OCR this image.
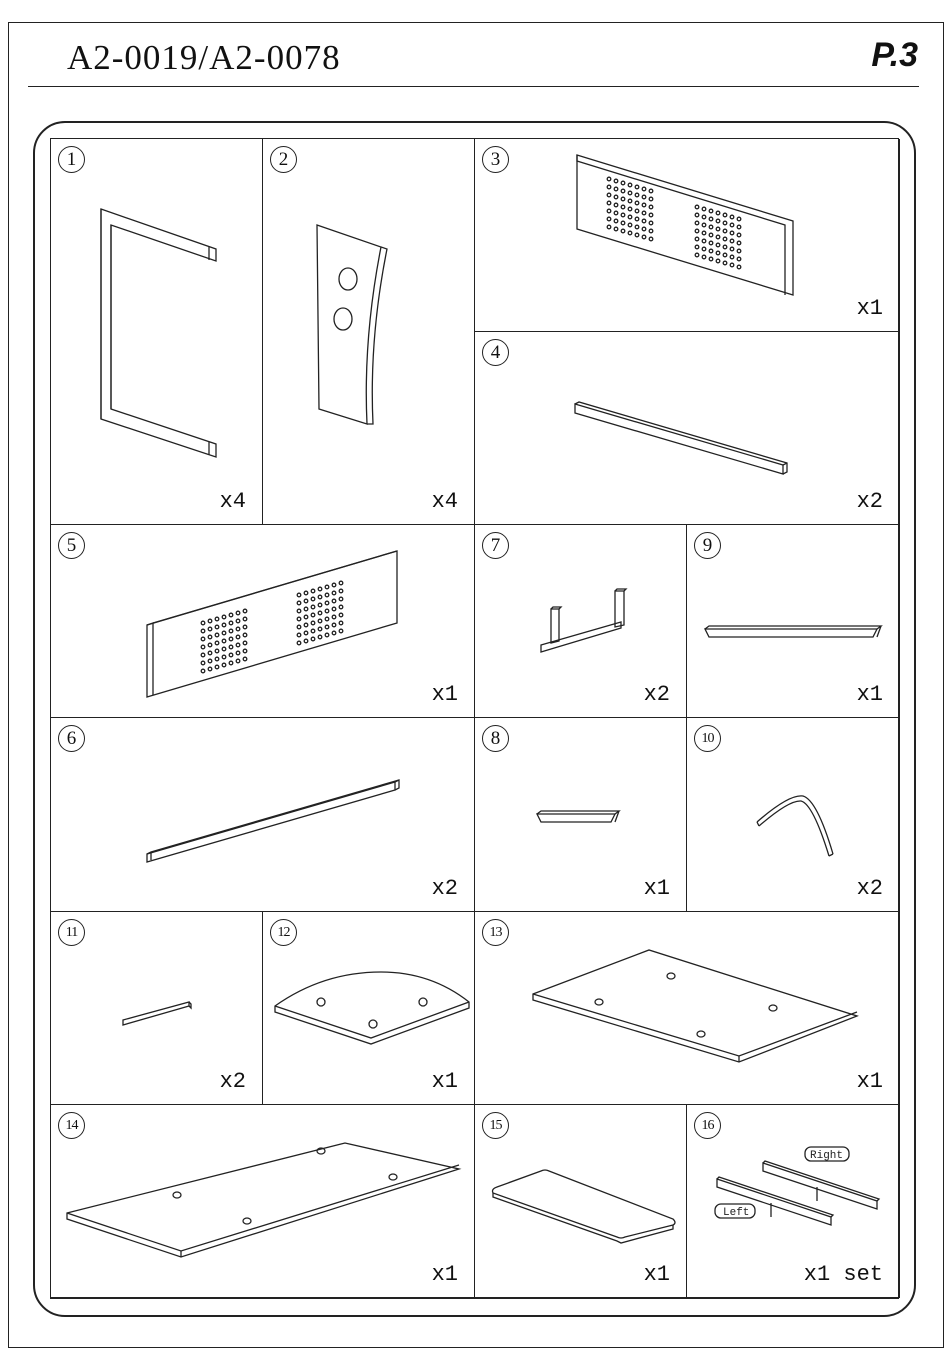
A2-0019/A2-0078	P.3
1
x4
2
x4
3
x1
4
x2
5
x1
7
x2
9
x1
6
x2
8
x1
10
x2
11
x2
12
x1
13
x1
14
x1
15
x1
16
Right
Left
x1 set
